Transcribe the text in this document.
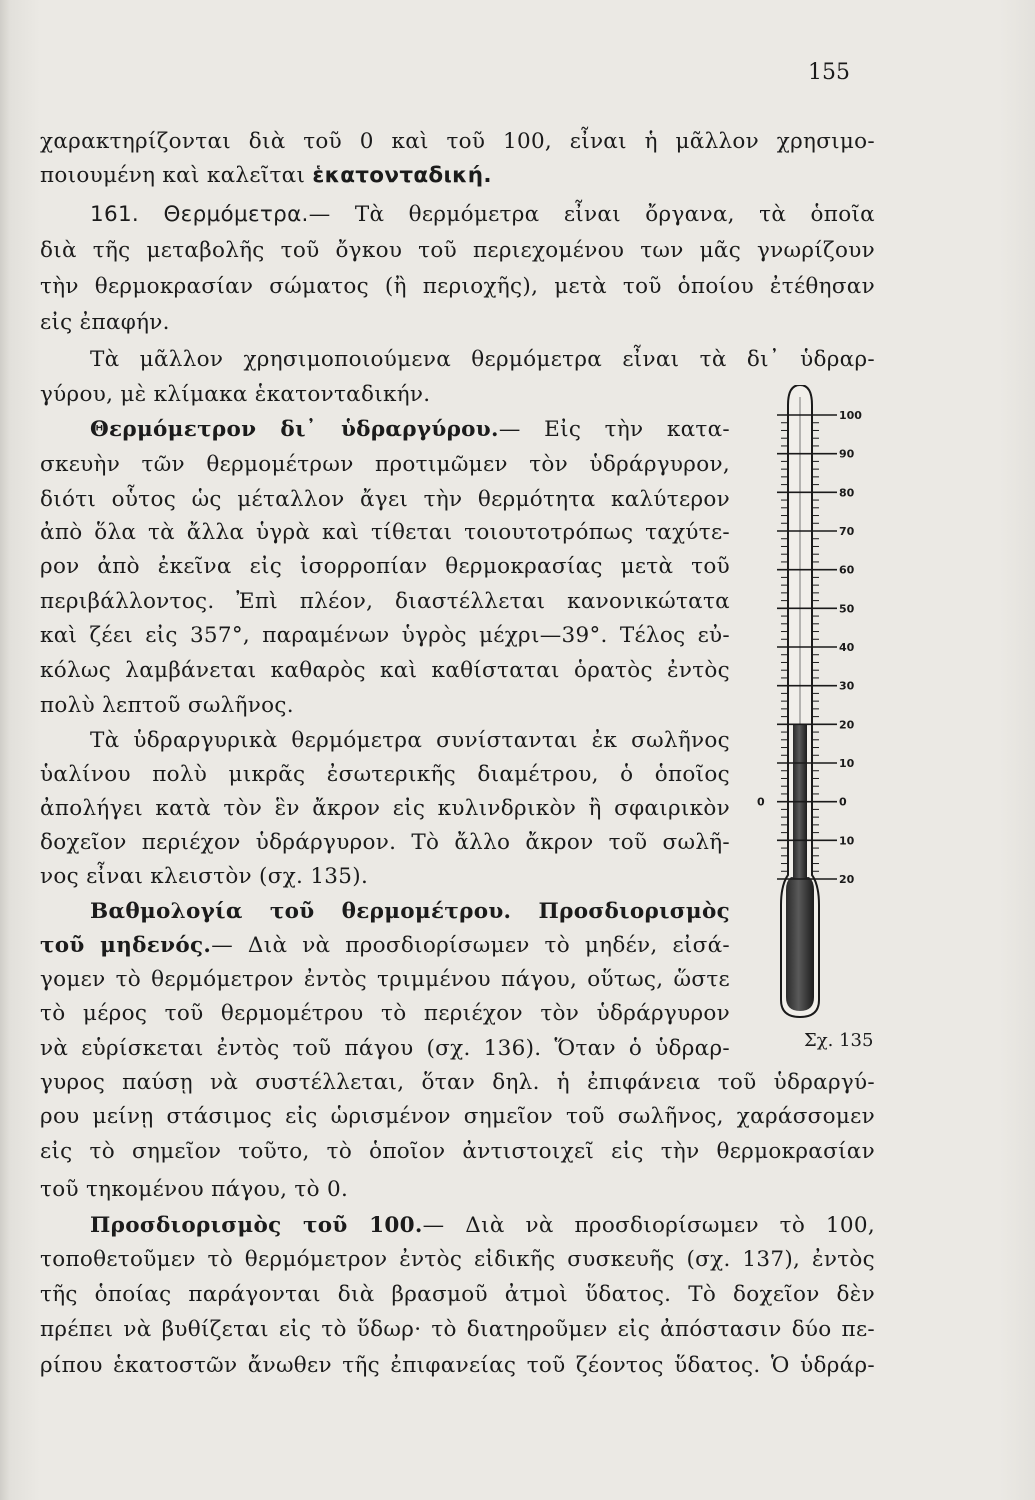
155
χαρακτηρίζονται διὰ τοῦ 0 καὶ τοῦ 100, εἶναι ἡ μᾶλλον χρησιμο-
ποιουμένη καὶ καλεῖται ἑκατονταδική.
161. Θερμόμετρα.— Τὰ θερμόμετρα εἶναι ὄργανα, τὰ ὁποῖα
διὰ τῆς μεταβολῆς τοῦ ὄγκου τοῦ περιεχομένου των μᾶς γνωρίζουν
τὴν θερμοκρασίαν σώματος (ἢ περιοχῆς), μετὰ τοῦ ὁποίου ἐτέθησαν
εἰς ἐπαφήν.
Τὰ μᾶλλον χρησιμοποιούμενα θερμόμετρα εἶναι τὰ δι᾿ ὑδραρ-
γύρου, μὲ κλίμακα ἑκατονταδικήν.
Θερμόμετρον δι᾿ ὑδραργύρου.— Εἰς τὴν κατα-
σκευὴν τῶν θερμομέτρων προτιμῶμεν τὸν ὑδράργυρον,
διότι οὗτος ὡς μέταλλον ἄγει τὴν θερμότητα καλύτερον
ἀπὸ ὅλα τὰ ἄλλα ὑγρὰ καὶ τίθεται τοιουτοτρόπως ταχύτε-
ρον ἀπὸ ἐκεῖνα εἰς ἰσορροπίαν θερμοκρασίας μετὰ τοῦ
περιβάλλοντος. Ἐπὶ πλέον, διαστέλλεται κανονικώτατα
καὶ ζέει εἰς 357°, παραμένων ὑγρὸς μέχρι—39°. Τέλος εὐ-
κόλως λαμβάνεται καθαρὸς καὶ καθίσταται ὁρατὸς ἐντὸς
πολὺ λεπτοῦ σωλῆνος.
Τὰ ὑδραργυρικὰ θερμόμετρα συνίστανται ἐκ σωλῆνος
ὑαλίνου πολὺ μικρᾶς ἐσωτερικῆς διαμέτρου, ὁ ὁποῖος
ἀπολήγει κατὰ τὸν ἓν ἄκρον εἰς κυλινδρικὸν ἢ σφαιρικὸν
δοχεῖον περιέχον ὑδράργυρον. Τὸ ἄλλο ἄκρον τοῦ σωλῆ-
νος εἶναι κλειστὸν (σχ. 135).
Βαθμολογία τοῦ θερμομέτρου. Προσδιορισμὸς
τοῦ μηδενός.— Διὰ νὰ προσδιορίσωμεν τὸ μηδέν, εἰσά-
γομεν τὸ θερμόμετρον ἐντὸς τριμμένου πάγου, οὕτως, ὥστε
τὸ μέρος τοῦ θερμομέτρου τὸ περιέχον τὸν ὑδράργυρον
νὰ εὑρίσκεται ἐντὸς τοῦ πάγου (σχ. 136). Ὅταν ὁ ὑδραρ-
γυρος παύσῃ νὰ συστέλλεται, ὅταν δηλ. ἡ ἐπιφάνεια τοῦ ὑδραργύ-
ρου μείνῃ στάσιμος εἰς ὡρισμένον σημεῖον τοῦ σωλῆνος, χαράσσομεν
εἰς τὸ σημεῖον τοῦτο, τὸ ὁποῖον ἀντιστοιχεῖ εἰς τὴν θερμοκρασίαν
τοῦ τηκομένου πάγου, τὸ 0.
Προσδιορισμὸς τοῦ 100.— Διὰ νὰ προσδιορίσωμεν τὸ 100,
τοποθετοῦμεν τὸ θερμόμετρον ἐντὸς εἰδικῆς συσκευῆς (σχ. 137), ἐντὸς
τῆς ὁποίας παράγονται διὰ βρασμοῦ ἀτμοὶ ὕδατος. Τὸ δοχεῖον δὲν
πρέπει νὰ βυθίζεται εἰς τὸ ὕδωρ· τὸ διατηροῦμεν εἰς ἀπόστασιν δύο πε-
ρίπου ἑκατοστῶν ἄνωθεν τῆς ἐπιφανείας τοῦ ζέοντος ὕδατος. Ὁ ὑδράρ-
100
90
80
70
60
50
40
30
20
10
0
10
20
0
Σχ. 135
